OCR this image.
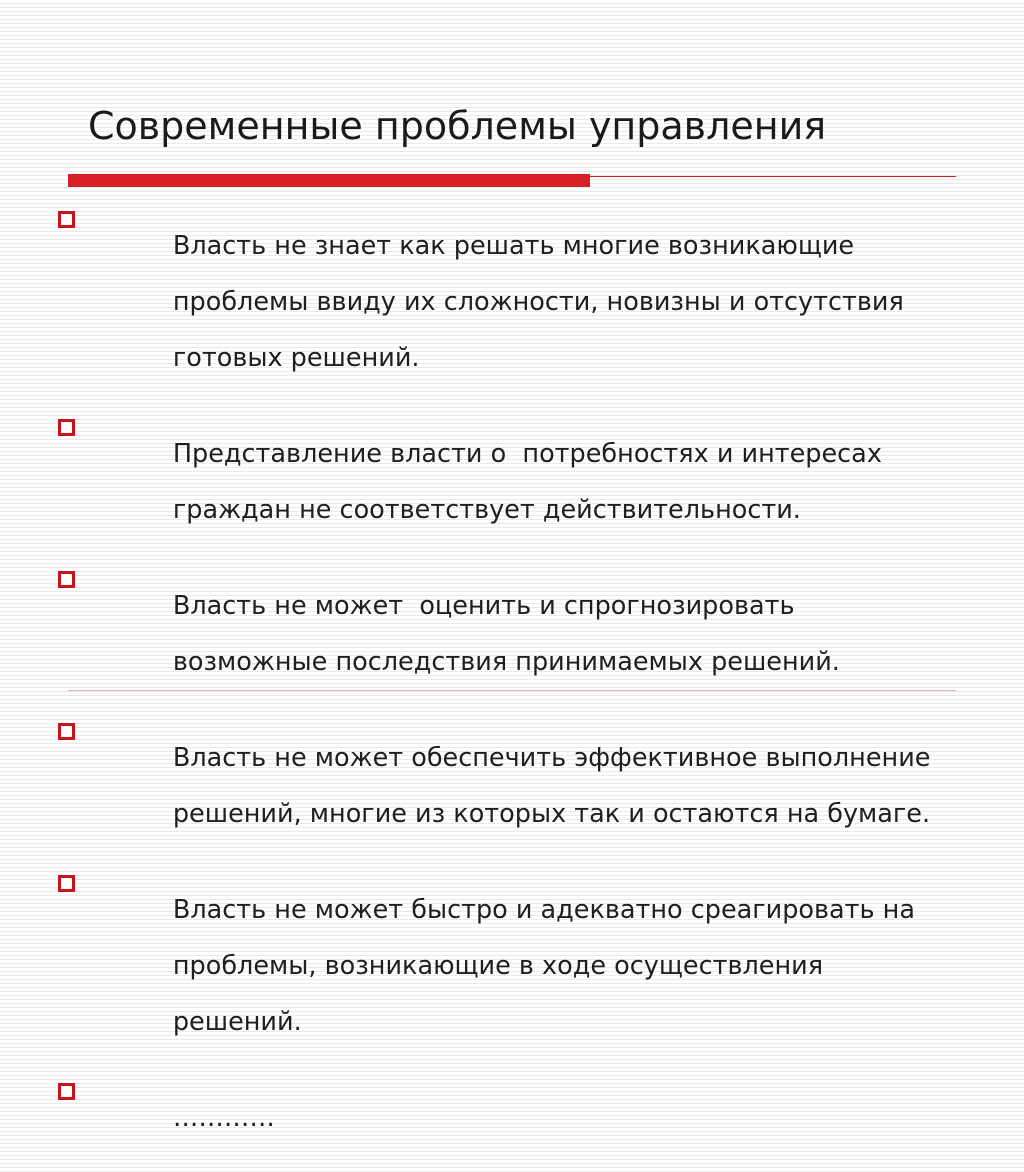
Современные проблемы управления

Власть не знает как решать многие возникающие

проблемы ввиду их сложности, новизны и отсутствия

готовых решений.

Представление власти о  потребностях и интересах

граждан не соответствует действительности.

Власть не может  оценить и спрогнозировать

возможные последствия принимаемых решений.

Власть не может обеспечить эффективное выполнение

решений, многие из которых так и остаются на бумаге.

Власть не может быстро и адекватно среагировать на

проблемы, возникающие в ходе осуществления

решений.

…………
